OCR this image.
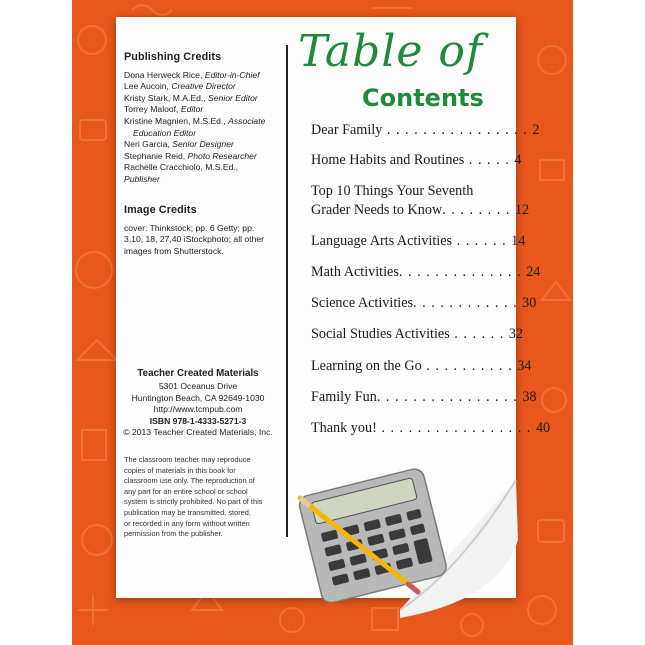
Publishing Credits

Dona Herweck Rice, Editor-in-Chief

Lee Aucoin, Creative Director

Kristy Stark, M.A.Ed., Senior Editor

Torrey Maloof, Editor

Kristine Magnien, M.S.Ed., Associate

Education Editor

Neri Garcia, Senior Designer

Stephanie Reid, Photo Researcher

Rachelle Cracchiolo, M.S.Ed., Publisher

Image Credits
cover: Thinkstock; pp. 6 Getty; pp.
3,10, 18, 27,40 iStockphoto; all other
images from Shutterstock.
Teacher Created Materials
5301 Oceanus Drive
Huntington Beach, CA 92649-1030
http://www.tcmpub.com
ISBN 978-1-4333-5271-3
© 2013 Teacher Created Materials, Inc.
The classroom teacher may reproduce
copies of materials in this book for
classroom use only. The reproduction of
any part for an entire school or school
system is strictly prohibited. No part of this
publication may be transmitted, stored,
or recorded in any form without written
permission from the publisher.
Table of
Contents
Dear Family . . . . . . . . . . . . . . . . 2
Home Habits and Routines . . . . . 4
Top 10 Things Your Seventh
Grader Needs to Know. . . . . . . . 12
Language Arts Activities . . . . . . 14
Math Activities. . . . . . . . . . . . . . 24
Science Activities. . . . . . . . . . . . 30
Social Studies Activities . . . . . . 32
Learning on the Go . . . . . . . . . . 34
Family Fun. . . . . . . . . . . . . . . . 38
Thank you! . . . . . . . . . . . . . . . . . 40
